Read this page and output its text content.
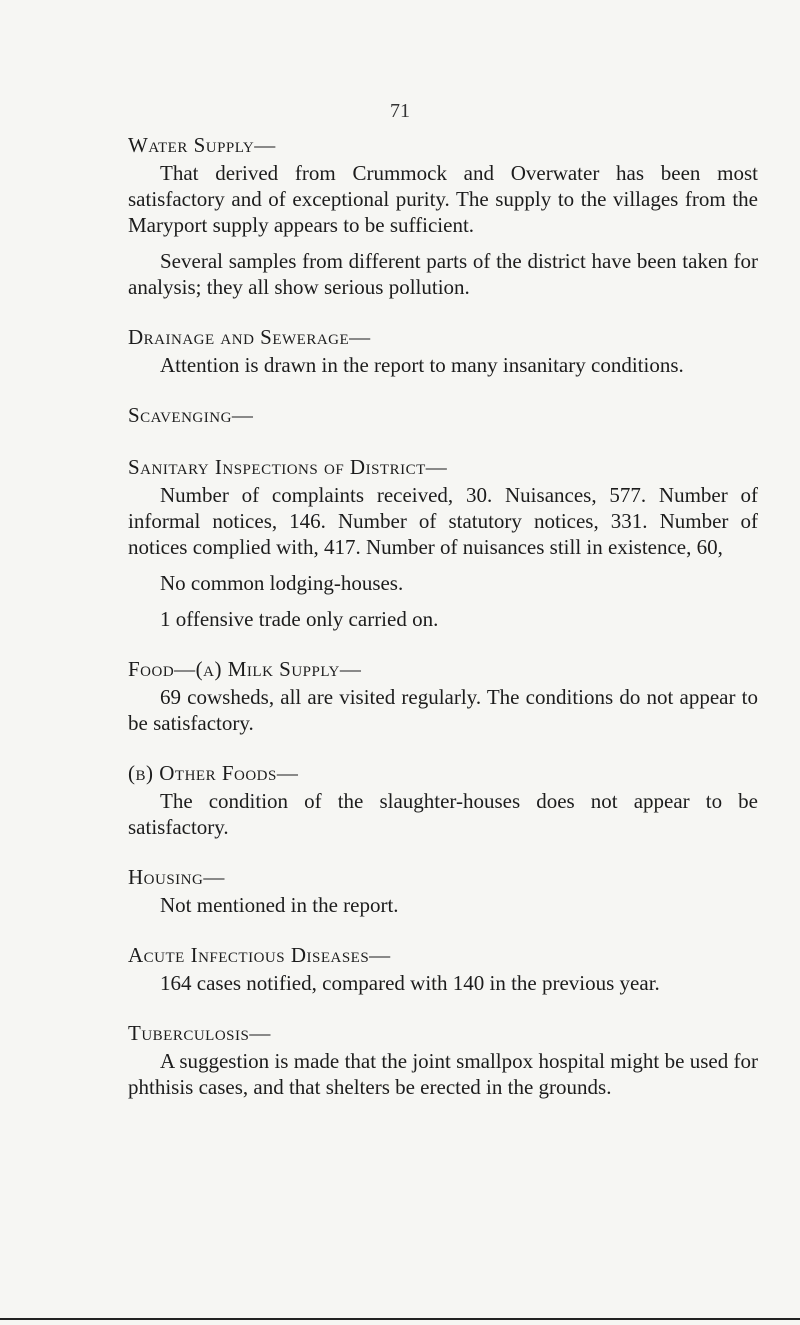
71

Water Supply—

That derived from Crummock and Overwater has been most satisfactory and of exceptional purity. The supply to the villages from the Maryport supply appears to be sufficient.

Several samples from different parts of the district have been taken for analysis; they all show serious pollution.

Drainage and Sewerage—

Attention is drawn in the report to many insanitary conditions.

Scavenging—

Sanitary Inspections of District—

Number of complaints received, 30. Nuisances, 577. Number of informal notices, 146. Number of statutory notices, 331. Number of notices complied with, 417. Number of nuisances still in existence, 60,

No common lodging-houses.

1 offensive trade only carried on.

Food—(a) Milk Supply—

69 cowsheds, all are visited regularly. The conditions do not appear to be satisfactory.

(b) Other Foods—

The condition of the slaughter-houses does not appear to be satisfactory.

Housing—

Not mentioned in the report.

Acute Infectious Diseases—

164 cases notified, compared with 140 in the previous year.

Tuberculosis—

A suggestion is made that the joint smallpox hospital might be used for phthisis cases, and that shelters be erected in the grounds.
